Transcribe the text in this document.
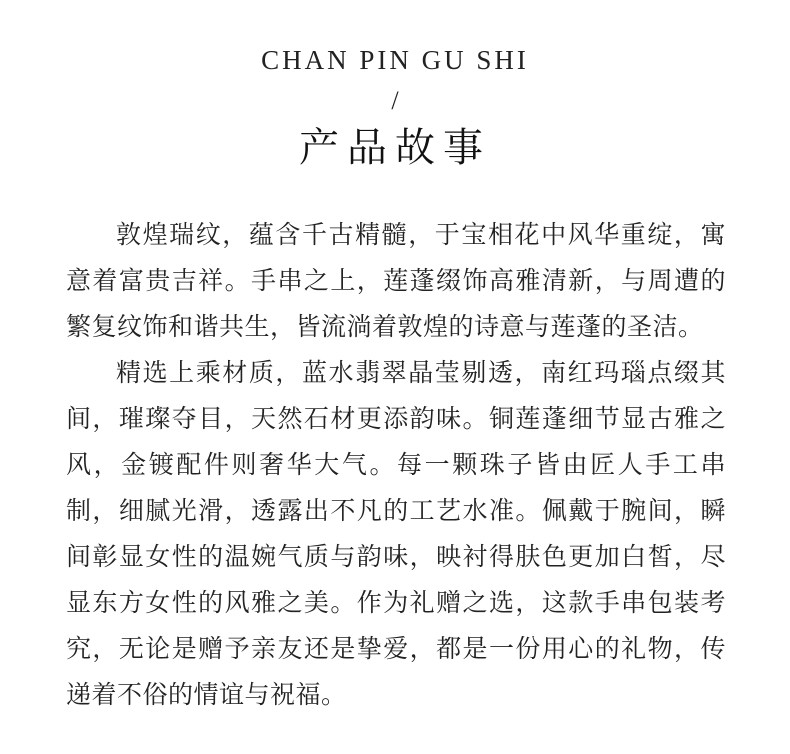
CHAN PIN GU SHI
/
产品故事

敦煌瑞纹，蕴含千古精髓，于宝相花中风华重绽，寓意着富贵吉祥。手串之上，莲蓬缀饰高雅清新，与周遭的繁复纹饰和谐共生，皆流淌着敦煌的诗意与莲蓬的圣洁。

精选上乘材质，蓝水翡翠晶莹剔透，南红玛瑙点缀其间，璀璨夺目，天然石材更添韵味。铜莲蓬细节显古雅之风，金镀配件则奢华大气。每一颗珠子皆由匠人手工串制，细腻光滑，透露出不凡的工艺水准。佩戴于腕间，瞬间彰显女性的温婉气质与韵味，映衬得肤色更加白皙，尽显东方女性的风雅之美。作为礼赠之选，这款手串包装考究，无论是赠予亲友还是挚爱，都是一份用心的礼物，传递着不俗的情谊与祝福。
